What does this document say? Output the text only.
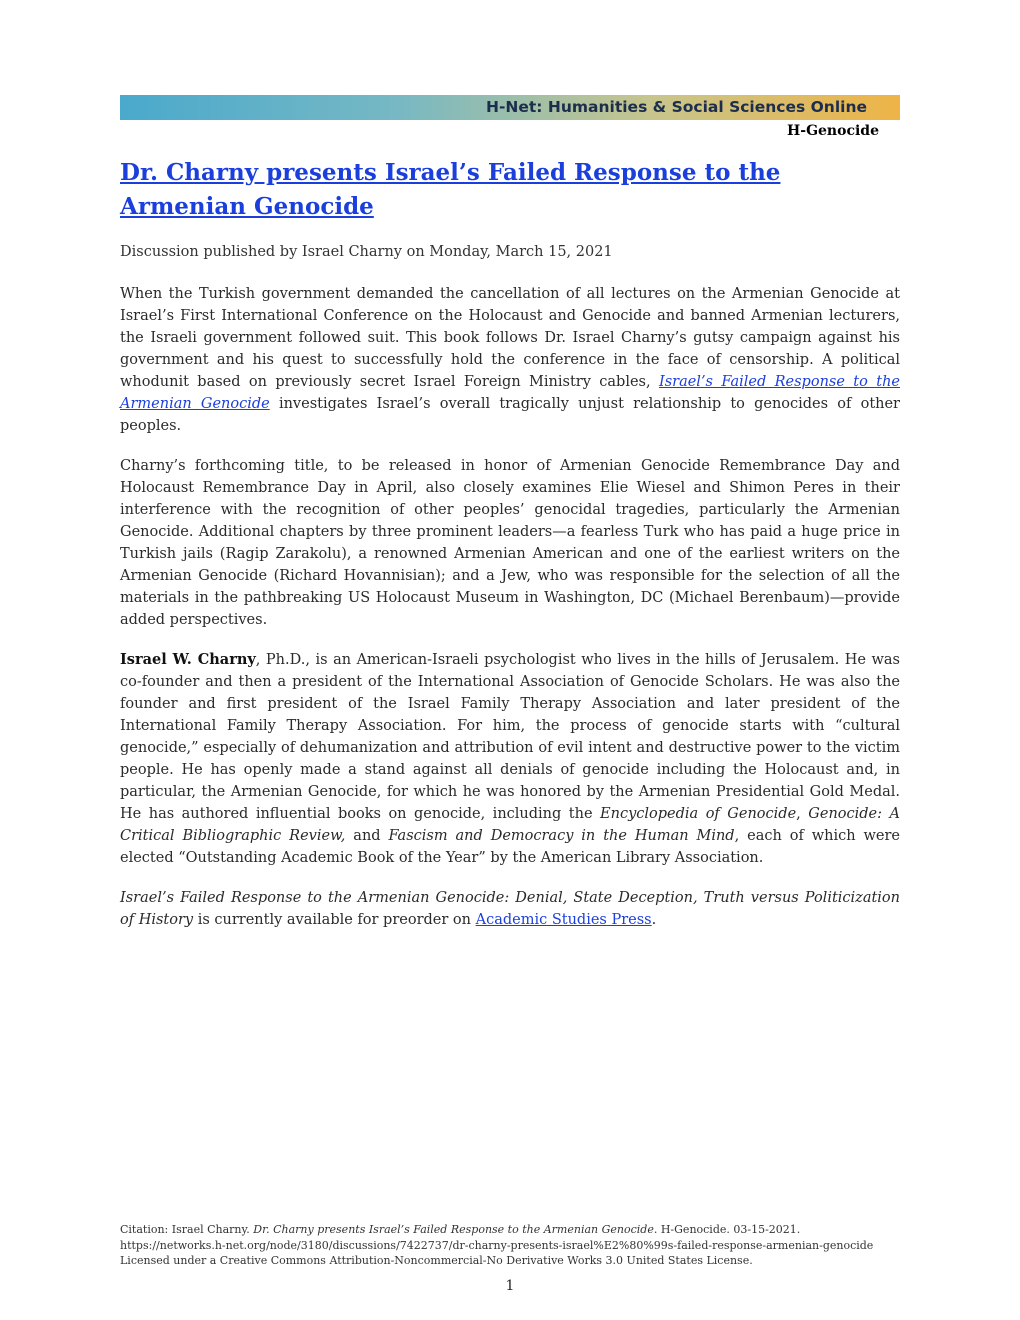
H-Net: Humanities & Social Sciences Online
H-Genocide
Dr. Charny presents Israel’s Failed Response to the Armenian Genocide

Discussion published by Israel Charny on Monday, March 15, 2021

When the Turkish government demanded the cancellation of all lectures on the Armenian Genocide at Israel’s First International Conference on the Holocaust and Genocide and banned Armenian lecturers, the Israeli government followed suit. This book follows Dr. Israel Charny’s gutsy campaign against his government and his quest to successfully hold the conference in the face of censorship. A political whodunit based on previously secret Israel Foreign Ministry cables, Israel’s Failed Response to the Armenian Genocide investigates Israel’s overall tragically unjust relationship to genocides of other peoples.

Charny’s forthcoming title, to be released in honor of Armenian Genocide Remembrance Day and Holocaust Remembrance Day in April, also closely examines Elie Wiesel and Shimon Peres in their interference with the recognition of other peoples’ genocidal tragedies, particularly the Armenian Genocide. Additional chapters by three prominent leaders—a fearless Turk who has paid a huge price in Turkish jails (Ragip Zarakolu), a renowned Armenian American and one of the earliest writers on the Armenian Genocide (Richard Hovannisian); and a Jew, who was responsible for the selection of all the materials in the pathbreaking US Holocaust Museum in Washington, DC (Michael Berenbaum)—provide added perspectives.

Israel W. Charny, Ph.D., is an American-Israeli psychologist who lives in the hills of Jerusalem. He was co-founder and then a president of the International Association of Genocide Scholars. He was also the founder and first president of the Israel Family Therapy Association and later president of the International Family Therapy Association. For him, the process of genocide starts with “cultural genocide,” especially of dehumanization and attribution of evil intent and destructive power to the victim people. He has openly made a stand against all denials of genocide including the Holocaust and, in particular, the Armenian Genocide, for which he was honored by the Armenian Presidential Gold Medal. He has authored influential books on genocide, including the Encyclopedia of Genocide, Genocide: A Critical Bibliographic Review, and Fascism and Democracy in the Human Mind, each of which were elected “Outstanding Academic Book of the Year” by the American Library Association.

Israel’s Failed Response to the Armenian Genocide: Denial, State Deception, Truth versus Politicization of History is currently available for preorder on Academic Studies Press.

Citation: Israel Charny. Dr. Charny presents Israel’s Failed Response to the Armenian Genocide. H-Genocide. 03-15-2021.
https://networks.h-net.org/node/3180/discussions/7422737/dr-charny-presents-israel%E2%80%99s-failed-response-armenian-genocide
Licensed under a Creative Commons Attribution-Noncommercial-No Derivative Works 3.0 United States License.
1
